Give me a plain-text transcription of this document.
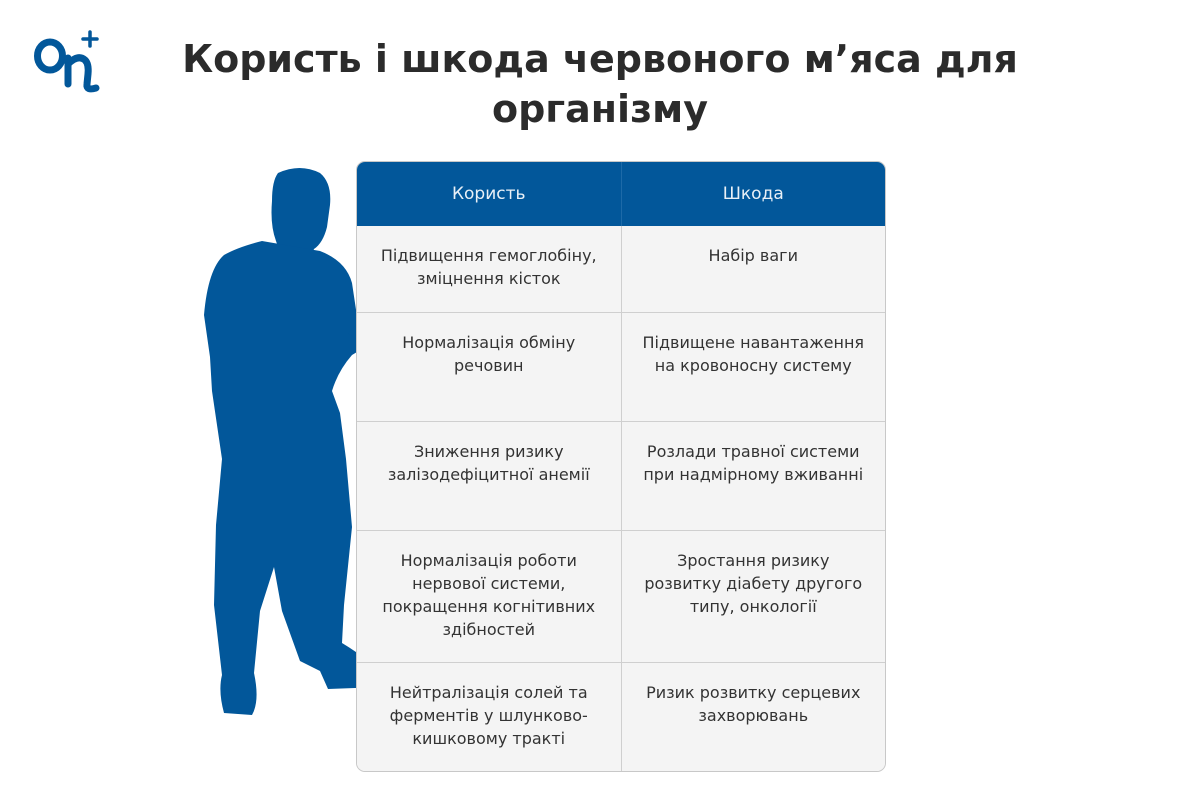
Користь і шкода червоного м’яса для організму
Користь	Шкода
Підвищення гемоглобіну, зміцнення кісток	Набір ваги
Нормалізація обміну речовин	Підвищене навантаження на кровоносну систему
Зниження ризику залізодефіцитної анемії	Розлади травної системи при надмірному вживанні
Нормалізація роботи нервової системи, покращення когнітивних здібностей	Зростання ризику розвитку діабету другого типу, онкології
Нейтралізація солей та ферментів у шлунково-кишковому тракті	Ризик розвитку серцевих захворювань
